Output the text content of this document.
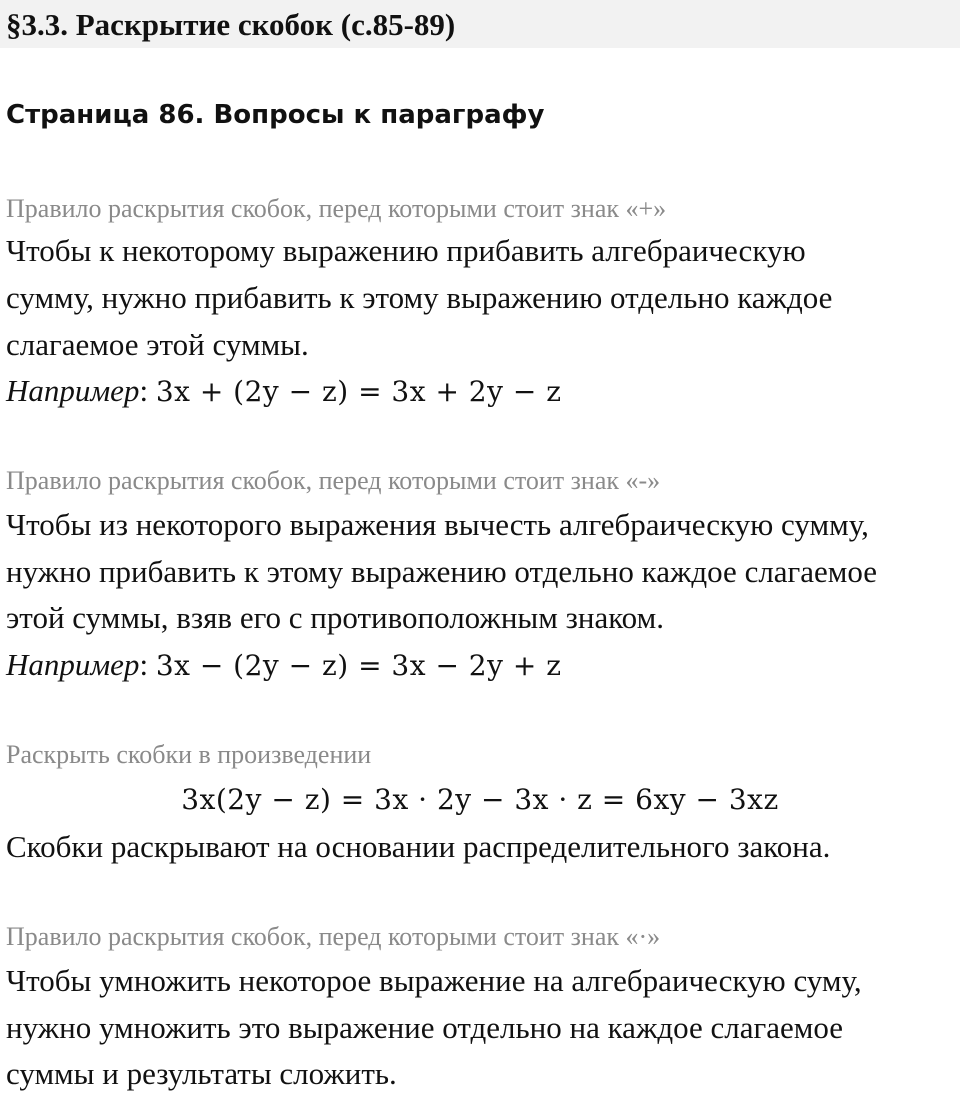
§3.3. Раскрытие скобок (с.85-89)
Страница 86. Вопросы к параграфу
Правило раскрытия скобок, перед которыми стоит знак «+»
Чтобы к некоторому выражению прибавить алгебраическую
сумму, нужно прибавить к этому выражению отдельно каждое
слагаемое этой суммы.
Например: 3x + (2y − z) = 3x + 2y − z
Правило раскрытия скобок, перед которыми стоит знак «-»
Чтобы из некоторого выражения вычесть алгебраическую сумму,
нужно прибавить к этому выражению отдельно каждое слагаемое
этой суммы, взяв его с противоположным знаком.
Например: 3x − (2y − z) = 3x − 2y + z
Раскрыть скобки в произведении
3x(2y − z) = 3x · 2y − 3x · z = 6xy − 3xz
Скобки раскрывают на основании распределительного закона.
Правило раскрытия скобок, перед которыми стоит знак «·»
Чтобы умножить некоторое выражение на алгебраическую суму,
нужно умножить это выражение отдельно на каждое слагаемое
суммы и результаты сложить.
